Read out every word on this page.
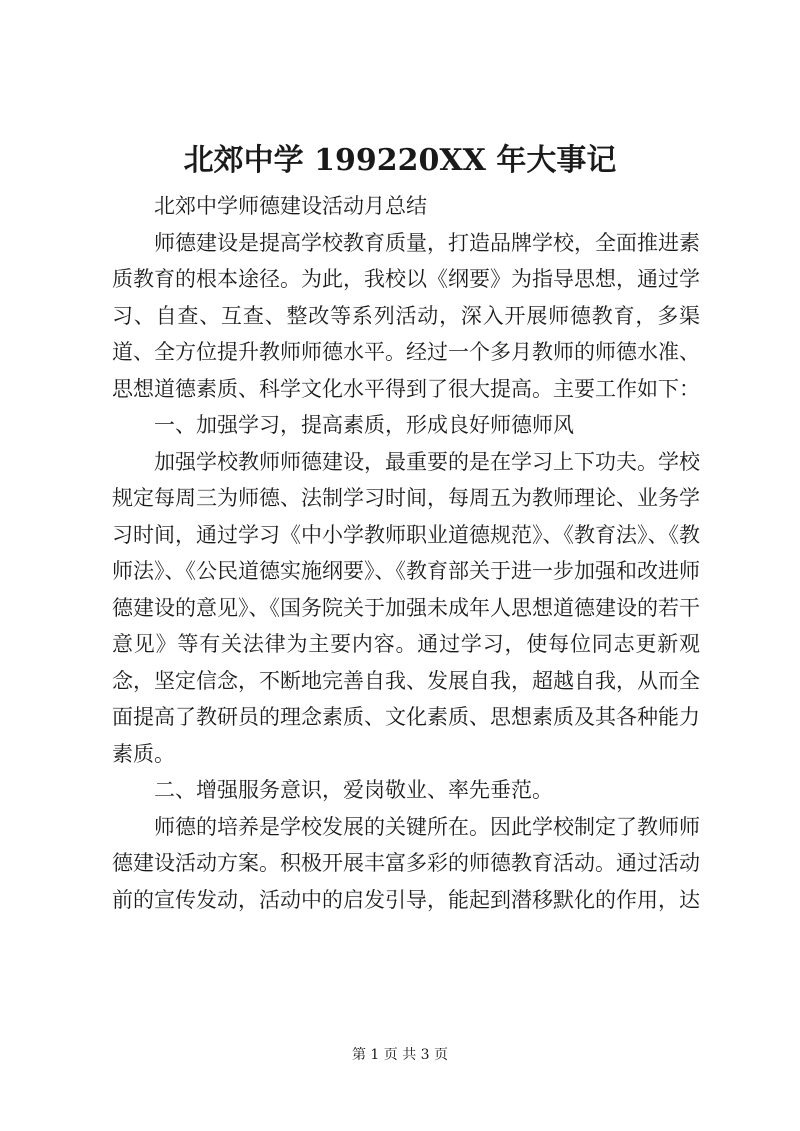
北郊中学 199220XX 年大事记

北郊中学师德建设活动月总结

师德建设是提高学校教育质量，打造品牌学校，全面推进素质教育的根本途径。为此，我校以《纲要》为指导思想，通过学习、自查、互查、整改等系列活动，深入开展师德教育，多渠道、全方位提升教师师德水平。经过一个多月教师的师德水准、思想道德素质、科学文化水平得到了很大提高。主要工作如下：

一、加强学习，提高素质，形成良好师德师风

加强学校教师师德建设，最重要的是在学习上下功夫。学校规定每周三为师德、法制学习时间，每周五为教师理论、业务学习时间，通过学习《中小学教师职业道德规范》、《教育法》、《教师法》、《公民道德实施纲要》、《教育部关于进一步加强和改进师德建设的意见》、《国务院关于加强未成年人思想道德建设的若干意见》等有关法律为主要内容。通过学习，使每位同志更新观念，坚定信念，不断地完善自我、发展自我，超越自我，从而全面提高了教研员的理念素质、文化素质、思想素质及其各种能力素质。

二、增强服务意识，爱岗敬业、率先垂范。

师德的培养是学校发展的关键所在。因此学校制定了教师师德建设活动方案。积极开展丰富多彩的师德教育活动。通过活动前的宣传发动，活动中的启发引导，能起到潜移默化的作用，达

第 1 页 共 3 页
